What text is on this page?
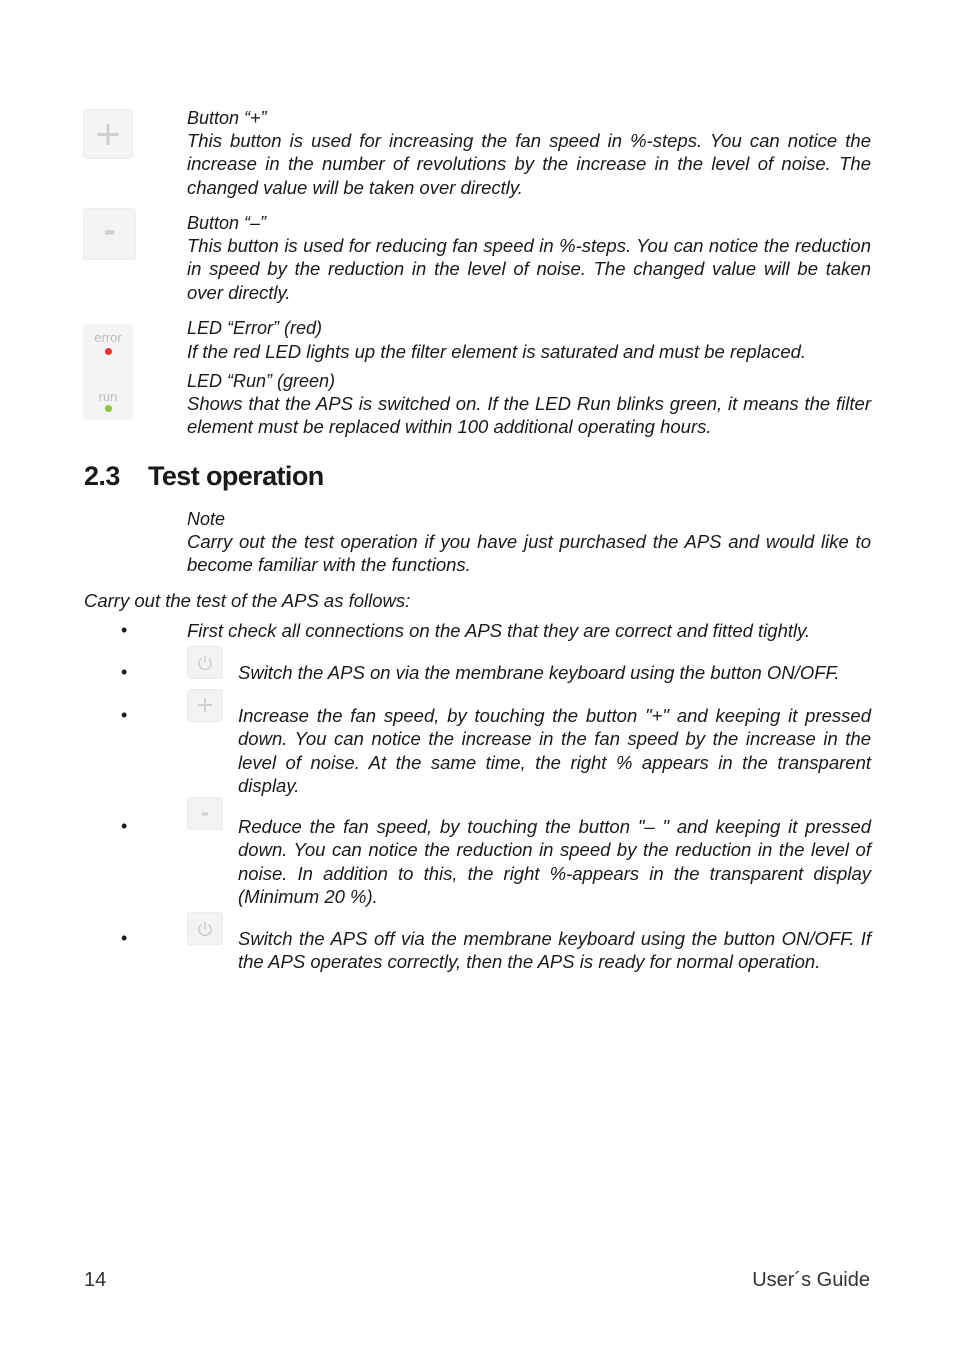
+	Button “+”

This button is used for increasing the fan speed in %-steps. You can notice the increase in the number of revolutions by the increase in the level of noise. The changed value will be taken over directly.

-	Button “–”

This button is used for reducing fan speed in %-steps. You can notice the reduction in speed by the reduction in the level of noise. The changed value will be taken over directly.

error
run

LED “Error” (red)

If the red LED lights up the filter element is saturated and must be replaced.

LED “Run” (green)

Shows that the APS is switched on. If the LED Run blinks green, it means the filter element must be replaced within 100 additional operating hours.

2.3 Test operation

Note

Carry out the test operation if you have just purchased the APS and would like to become familiar with the functions.

Carry out the test of the APS as follows:

•	First check all connections on the APS that they are correct and fitted tightly.

•	Switch the APS on via the membrane keyboard using the button ON/OFF.

•	+	Increase the fan speed, by touching the button "+" and keeping it pressed down. You can notice the increase in the fan speed by the increase in the level of noise. At the same time, the right % appears in the transparent display.

•
-

Reduce the fan speed, by touching the button "– " and keeping it pressed down. You can notice the reduction in speed by the reduction in the level of noise. In addition to this, the right %-appears in the transparent display (Minimum 20 %).

•	Switch the APS off via the membrane keyboard using the button ON/OFF. If the APS operates correctly, then the APS is ready for normal operation.

14	User´s Guide
